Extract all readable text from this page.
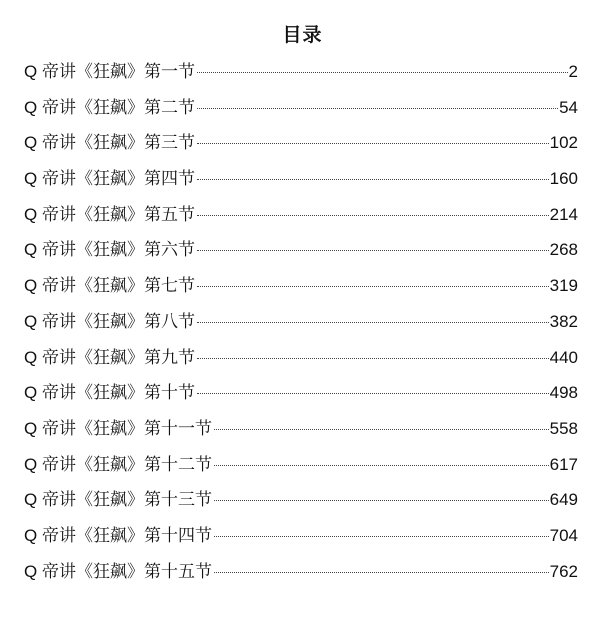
目录
Q 帝讲《狂飙》第一节	2
Q 帝讲《狂飙》第二节	54
Q 帝讲《狂飙》第三节	102
Q 帝讲《狂飙》第四节	160
Q 帝讲《狂飙》第五节	214
Q 帝讲《狂飙》第六节	268
Q 帝讲《狂飙》第七节	319
Q 帝讲《狂飙》第八节	382
Q 帝讲《狂飙》第九节	440
Q 帝讲《狂飙》第十节	498
Q 帝讲《狂飙》第十一节	558
Q 帝讲《狂飙》第十二节	617
Q 帝讲《狂飙》第十三节	649
Q 帝讲《狂飙》第十四节	704
Q 帝讲《狂飙》第十五节	762
